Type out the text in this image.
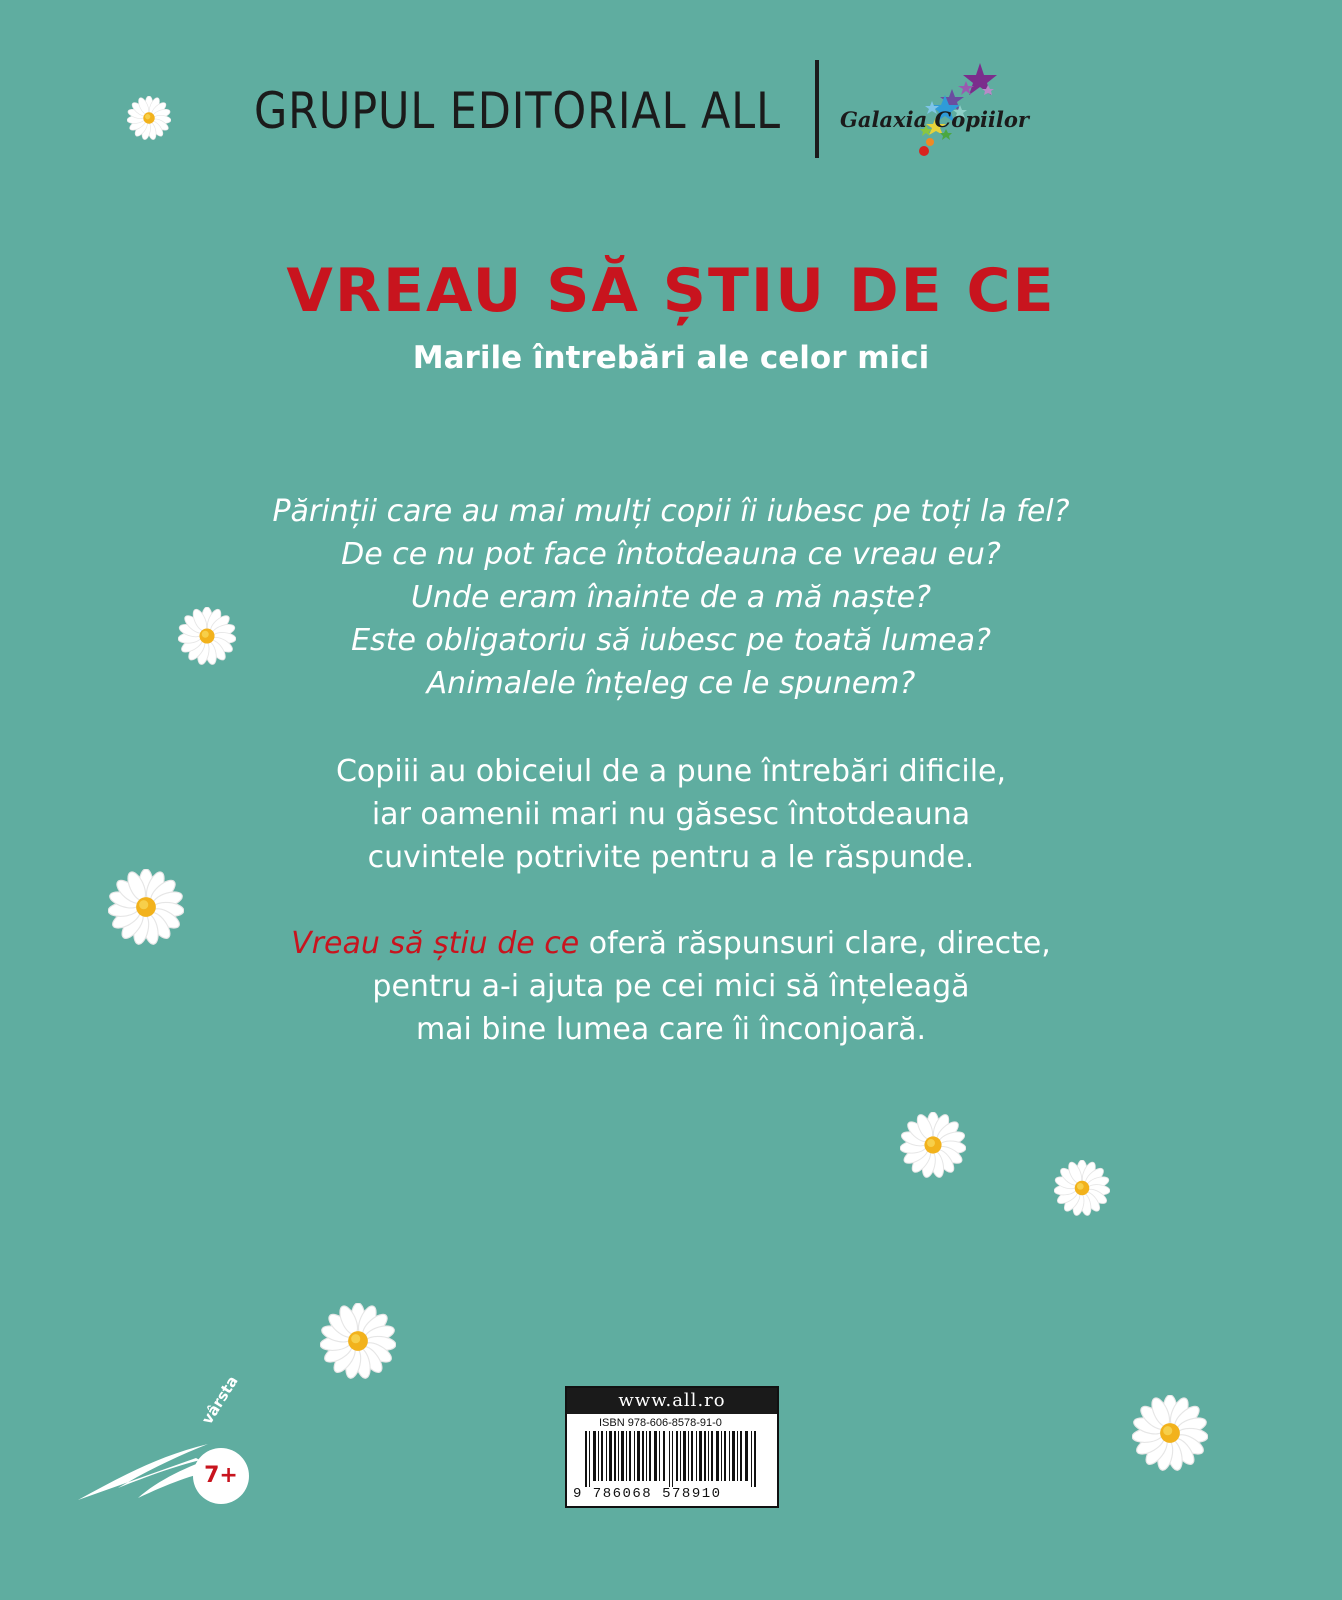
GRUPUL EDITORIAL ALL	Galaxia Copiilor
VREAU SĂ ȘTIU DE CE
Marile întrebări ale celor mici
Părinții care au mai mulți copii îi iubesc pe toți la fel?
De ce nu pot face întotdeauna ce vreau eu?
Unde eram înainte de a mă naște?
Este obligatoriu să iubesc pe toată lumea?
Animalele înțeleg ce le spunem?
Copiii au obiceiul de a pune întrebări dificile,
iar oamenii mari nu găsesc întotdeauna
cuvintele potrivite pentru a le răspunde.
Vreau să știu de ce oferă răspunsuri clare, directe,
pentru a-i ajuta pe cei mici să înțeleagă
mai bine lumea care îi înconjoară.
www.all.ro
ISBN 978-606-8578-91-0
9 786068 578910
vârsta
7+
